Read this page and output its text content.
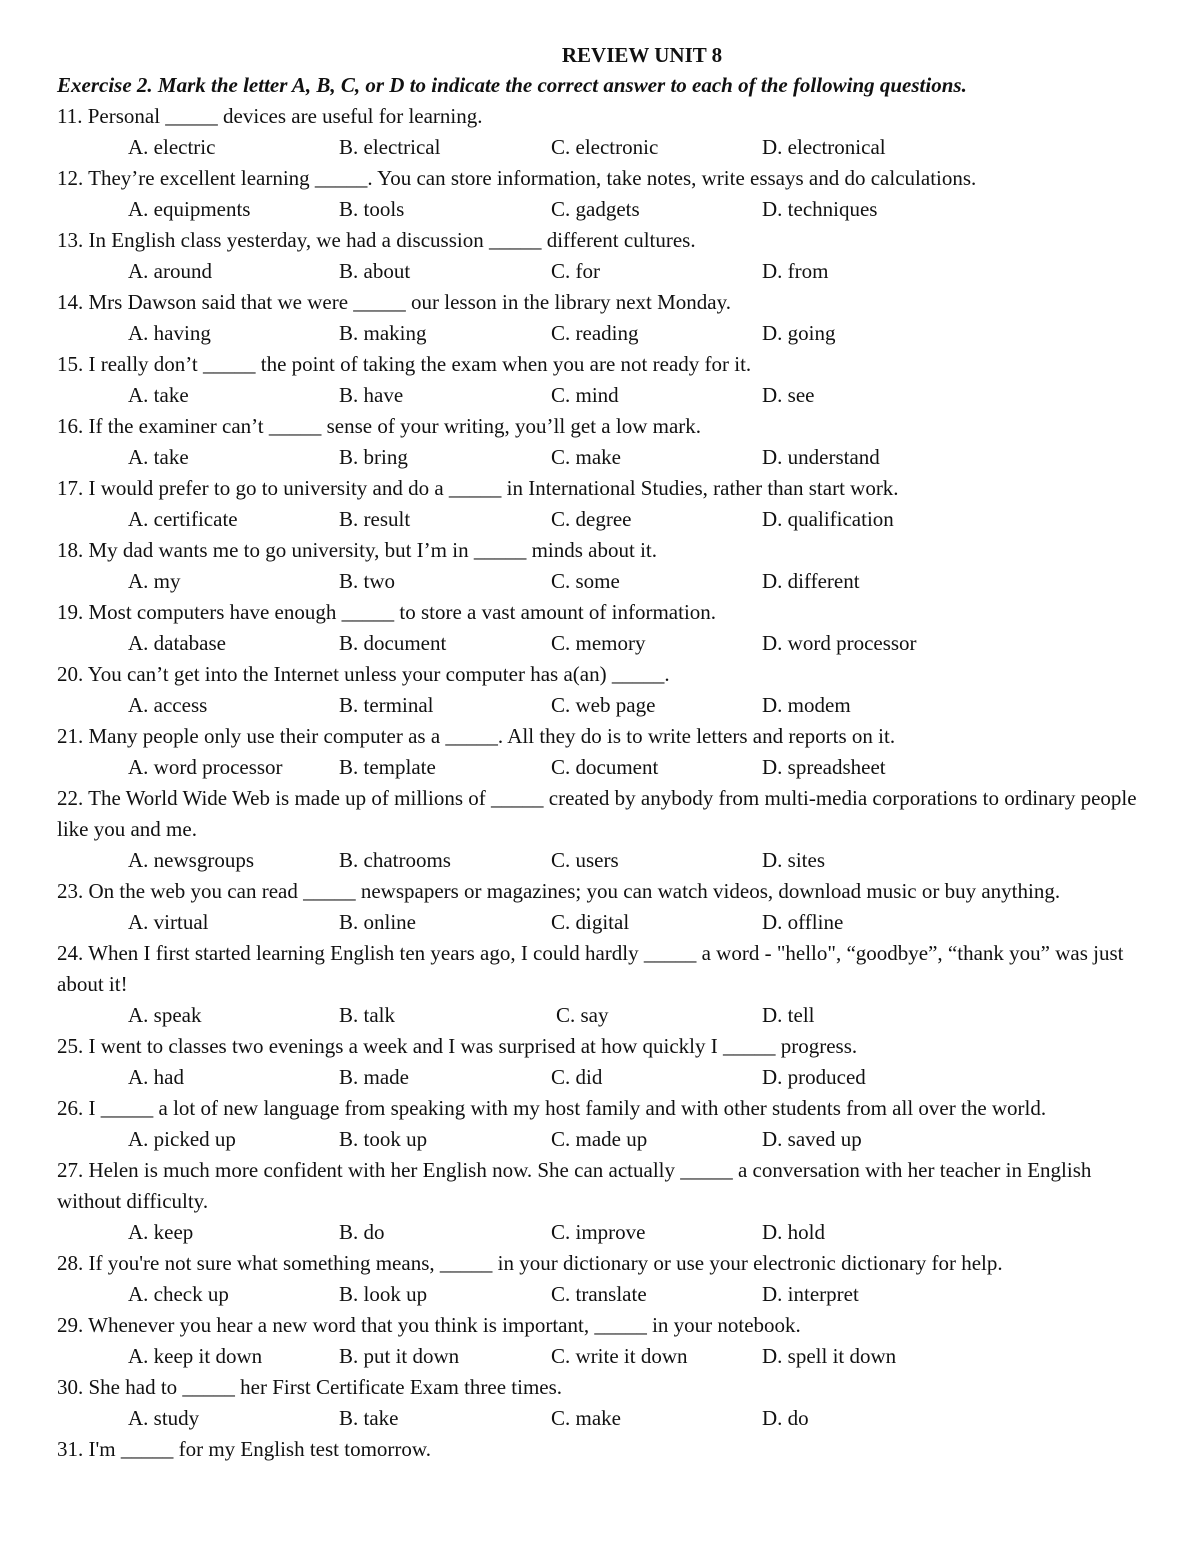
REVIEW UNIT 8
Exercise 2. Mark the letter A, B, C, or D to indicate the correct answer to each of the following questions.
11. Personal _____ devices are useful for learning.
A. electric	B. electrical	C. electronic	D. electronical
12. They’re excellent learning _____. You can store information, take notes, write essays and do calculations.
A. equipments	B. tools	C. gadgets	D. techniques
13. In English class yesterday, we had a discussion _____ different cultures.
A. around	B. about	C. for	D. from
14. Mrs Dawson said that we were _____ our lesson in the library next Monday.
A. having	B. making	C. reading	D. going
15. I really don’t _____ the point of taking the exam when you are not ready for it.
A. take	B. have	C. mind	D. see
16. If the examiner can’t _____ sense of your writing, you’ll get a low mark.
A. take	B. bring	C. make	D. understand
17. I would prefer to go to university and do a _____ in International Studies, rather than start work.
A. certificate	B. result	C. degree	D. qualification
18. My dad wants me to go university, but I’m in _____ minds about it.
A. my	B. two	C. some	D. different
19. Most computers have enough _____ to store a vast amount of information.
A. database	B. document	C. memory	D. word processor
20. You can’t get into the Internet unless your computer has a(an) _____.
A. access	B. terminal	C. web page	D. modem
21. Many people only use their computer as a _____. All they do is to write letters and reports on it.
A. word processor	B. template	C. document	D. spreadsheet
22. The World Wide Web is made up of millions of _____ created by anybody from multi-media corporations to ordinary people like you and me.
A. newsgroups	B. chatrooms	C. users	D. sites
23. On the web you can read _____ newspapers or magazines; you can watch videos, download music or buy anything.
A. virtual	B. online	C. digital	D. offline
24. When I first started learning English ten years ago, I could hardly _____ a word - "hello", “goodbye”, “thank you” was just about it!
A. speak	B. talk	C. say	D. tell
25. I went to classes two evenings a week and I was surprised at how quickly I _____ progress.
A. had	B. made	C. did	D. produced
26. I _____ a lot of new language from speaking with my host family and with other students from all over the world.
A. picked up	B. took up	C. made up	D. saved up
27. Helen is much more confident with her English now. She can actually _____ a conversation with her teacher in English without difficulty.
A. keep	B. do	C. improve	D. hold
28. If you're not sure what something means, _____ in your dictionary or use your electronic dictionary for help.
A. check up	B. look up	C. translate	D. interpret
29. Whenever you hear a new word that you think is important, _____ in your notebook.
A. keep it down	B. put it down	C. write it down	D. spell it down
30. She had to _____ her First Certificate Exam three times.
A. study	B. take	C. make	D. do
31. I'm _____ for my English test tomorrow.
